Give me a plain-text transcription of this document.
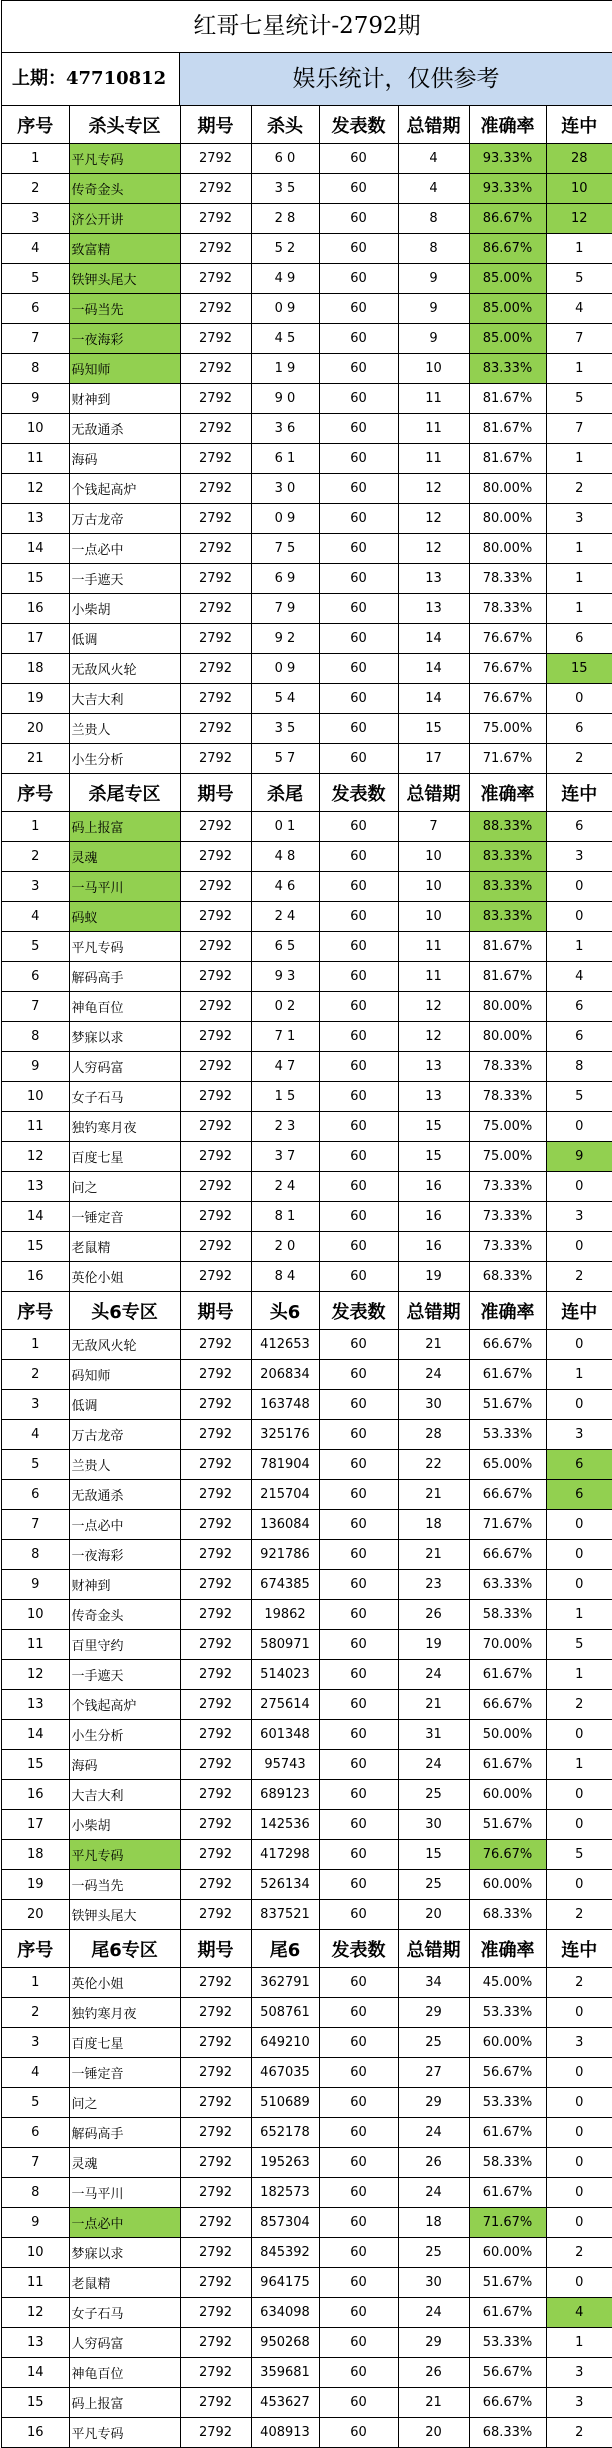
红哥七星统计-2792期
上期：47710812	娱乐统计，仅供参考
序号	杀头专区	期号	杀头	发表数	总错期	准确率	连中
1	平凡专码	2792	6 0	60	4	93.33%	28
2	传奇金头	2792	3 5	60	4	93.33%	10
3	济公开讲	2792	2 8	60	8	86.67%	12
4	致富精	2792	5 2	60	8	86.67%	1
5	铁钾头尾大	2792	4 9	60	9	85.00%	5
6	一码当先	2792	0 9	60	9	85.00%	4
7	一夜海彩	2792	4 5	60	9	85.00%	7
8	码知师	2792	1 9	60	10	83.33%	1
9	财神到	2792	9 0	60	11	81.67%	5
10	无敌通杀	2792	3 6	60	11	81.67%	7
11	海码	2792	6 1	60	11	81.67%	1
12	个钱起高炉	2792	3 0	60	12	80.00%	2
13	万古龙帝	2792	0 9	60	12	80.00%	3
14	一点必中	2792	7 5	60	12	80.00%	1
15	一手遮天	2792	6 9	60	13	78.33%	1
16	小柴胡	2792	7 9	60	13	78.33%	1
17	低调	2792	9 2	60	14	76.67%	6
18	无敌风火轮	2792	0 9	60	14	76.67%	15
19	大吉大利	2792	5 4	60	14	76.67%	0
20	兰贵人	2792	3 5	60	15	75.00%	6
21	小生分析	2792	5 7	60	17	71.67%	2
序号	杀尾专区	期号	杀尾	发表数	总错期	准确率	连中
1	码上报富	2792	0 1	60	7	88.33%	6
2	灵魂	2792	4 8	60	10	83.33%	3
3	一马平川	2792	4 6	60	10	83.33%	0
4	码蚁	2792	2 4	60	10	83.33%	0
5	平凡专码	2792	6 5	60	11	81.67%	1
6	解码高手	2792	9 3	60	11	81.67%	4
7	神龟百位	2792	0 2	60	12	80.00%	6
8	梦寐以求	2792	7 1	60	12	80.00%	6
9	人穷码富	2792	4 7	60	13	78.33%	8
10	女子石马	2792	1 5	60	13	78.33%	5
11	独钓寒月夜	2792	2 3	60	15	75.00%	0
12	百度七星	2792	3 7	60	15	75.00%	9
13	问之	2792	2 4	60	16	73.33%	0
14	一锤定音	2792	8 1	60	16	73.33%	3
15	老鼠精	2792	2 0	60	16	73.33%	0
16	英伦小姐	2792	8 4	60	19	68.33%	2
序号	头6专区	期号	头6	发表数	总错期	准确率	连中
1	无敌风火轮	2792	412653	60	21	66.67%	0
2	码知师	2792	206834	60	24	61.67%	1
3	低调	2792	163748	60	30	51.67%	0
4	万古龙帝	2792	325176	60	28	53.33%	3
5	兰贵人	2792	781904	60	22	65.00%	6
6	无敌通杀	2792	215704	60	21	66.67%	6
7	一点必中	2792	136084	60	18	71.67%	0
8	一夜海彩	2792	921786	60	21	66.67%	0
9	财神到	2792	674385	60	23	63.33%	0
10	传奇金头	2792	19862	60	26	58.33%	1
11	百里守约	2792	580971	60	19	70.00%	5
12	一手遮天	2792	514023	60	24	61.67%	1
13	个钱起高炉	2792	275614	60	21	66.67%	2
14	小生分析	2792	601348	60	31	50.00%	0
15	海码	2792	95743	60	24	61.67%	1
16	大吉大利	2792	689123	60	25	60.00%	0
17	小柴胡	2792	142536	60	30	51.67%	0
18	平凡专码	2792	417298	60	15	76.67%	5
19	一码当先	2792	526134	60	25	60.00%	0
20	铁钾头尾大	2792	837521	60	20	68.33%	2
序号	尾6专区	期号	尾6	发表数	总错期	准确率	连中
1	英伦小姐	2792	362791	60	34	45.00%	2
2	独钓寒月夜	2792	508761	60	29	53.33%	0
3	百度七星	2792	649210	60	25	60.00%	3
4	一锤定音	2792	467035	60	27	56.67%	0
5	问之	2792	510689	60	29	53.33%	0
6	解码高手	2792	652178	60	24	61.67%	0
7	灵魂	2792	195263	60	26	58.33%	0
8	一马平川	2792	182573	60	24	61.67%	0
9	一点必中	2792	857304	60	18	71.67%	0
10	梦寐以求	2792	845392	60	25	60.00%	2
11	老鼠精	2792	964175	60	30	51.67%	0
12	女子石马	2792	634098	60	24	61.67%	4
13	人穷码富	2792	950268	60	29	53.33%	1
14	神龟百位	2792	359681	60	26	56.67%	3
15	码上报富	2792	453627	60	21	66.67%	3
16	平凡专码	2792	408913	60	20	68.33%	2
